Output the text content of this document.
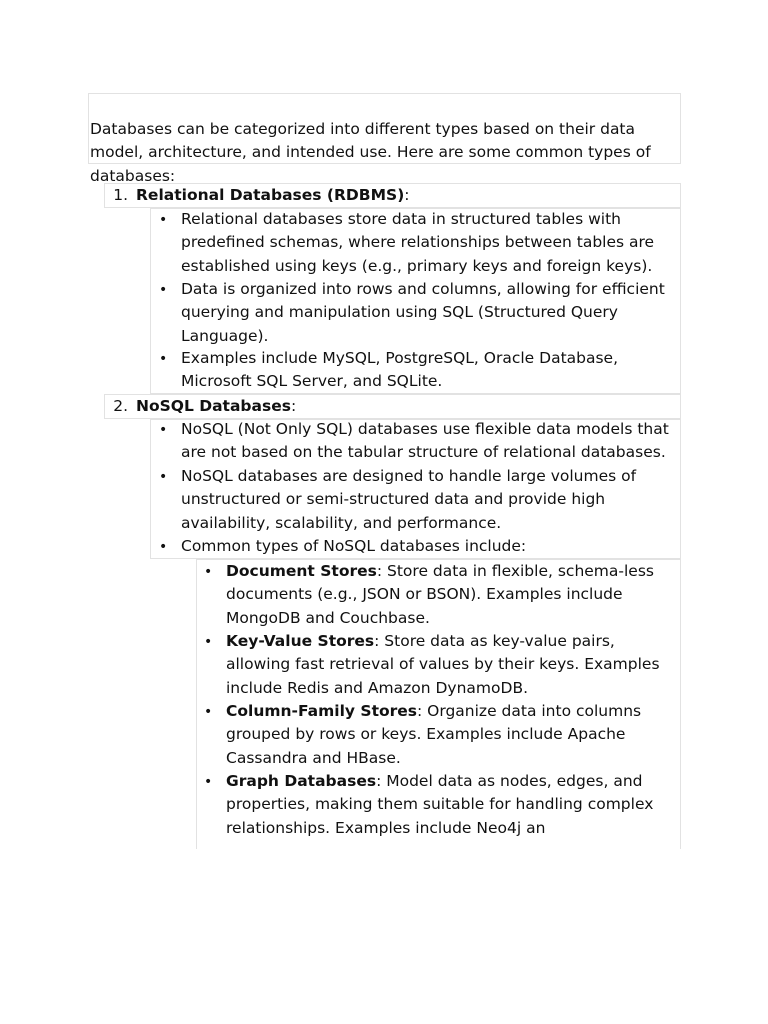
Databases can be categorized into different types based on their data model, architecture, and intended use. Here are some common types of databases:
1. Relational Databases (RDBMS):
• Relational databases store data in structured tables with predefined schemas, where relationships between tables are established using keys (e.g., primary keys and foreign keys).
• Data is organized into rows and columns, allowing for efficient querying and manipulation using SQL (Structured Query Language).
• Examples include MySQL, PostgreSQL, Oracle Database, Microsoft SQL Server, and SQLite.
2. NoSQL Databases:
• NoSQL (Not Only SQL) databases use flexible data models that are not based on the tabular structure of relational databases.
• NoSQL databases are designed to handle large volumes of unstructured or semi-structured data and provide high availability, scalability, and performance.
• Common types of NoSQL databases include:
• Document Stores: Store data in flexible, schema-less documents (e.g., JSON or BSON). Examples include MongoDB and Couchbase.
• Key-Value Stores: Store data as key-value pairs, allowing fast retrieval of values by their keys. Examples include Redis and Amazon DynamoDB.
• Column-Family Stores: Organize data into columns grouped by rows or keys. Examples include Apache Cassandra and HBase.
• Graph Databases: Model data as nodes, edges, and properties, making them suitable for handling complex relationships. Examples include Neo4j an
